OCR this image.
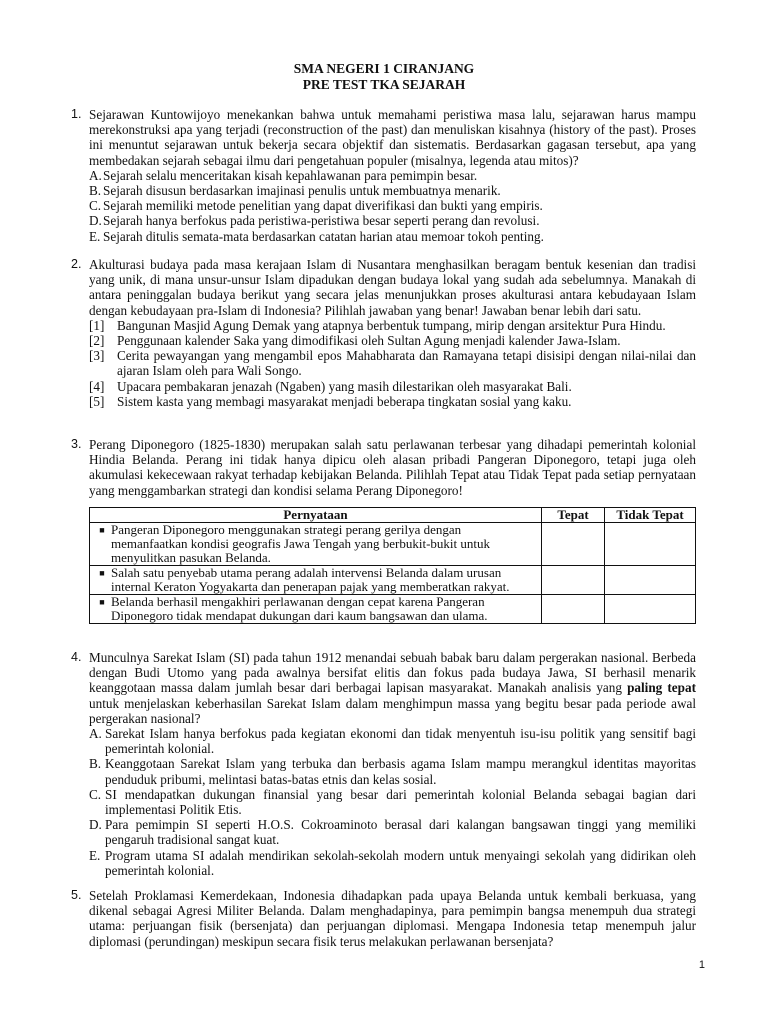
SMA NEGERI 1 CIRANJANG
PRE TEST TKA SEJARAH
1. Sejarawan Kuntowijoyo menekankan bahwa untuk memahami peristiwa masa lalu, sejarawan harus mampu merekonstruksi apa yang terjadi (reconstruction of the past) dan menuliskan kisahnya (history of the past). Proses ini menuntut sejarawan untuk bekerja secara objektif dan sistematis. Berdasarkan gagasan tersebut, apa yang membedakan sejarah sebagai ilmu dari pengetahuan populer (misalnya, legenda atau mitos)?

A. Sejarah selalu menceritakan kisah kepahlawanan para pemimpin besar.
B. Sejarah disusun berdasarkan imajinasi penulis untuk membuatnya menarik.
C. Sejarah memiliki metode penelitian yang dapat diverifikasi dan bukti yang empiris.
D. Sejarah hanya berfokus pada peristiwa-peristiwa besar seperti perang dan revolusi.
E. Sejarah ditulis semata-mata berdasarkan catatan harian atau memoar tokoh penting.
2. Akulturasi budaya pada masa kerajaan Islam di Nusantara menghasilkan beragam bentuk kesenian dan tradisi yang unik, di mana unsur-unsur Islam dipadukan dengan budaya lokal yang sudah ada sebelumnya. Manakah di antara peninggalan budaya berikut yang secara jelas menunjukkan proses akulturasi antara kebudayaan Islam dengan kebudayaan pra-Islam di Indonesia? Pilihlah jawaban yang benar! Jawaban benar lebih dari satu.

[1] Bangunan Masjid Agung Demak yang atapnya berbentuk tumpang, mirip dengan arsitektur Pura Hindu.
[2] Penggunaan kalender Saka yang dimodifikasi oleh Sultan Agung menjadi kalender Jawa-Islam.
[3] Cerita pewayangan yang mengambil epos Mahabharata dan Ramayana tetapi disisipi dengan nilai-nilai dan ajaran Islam oleh para Wali Songo.
[4] Upacara pembakaran jenazah (Ngaben) yang masih dilestarikan oleh masyarakat Bali.
[5] Sistem kasta yang membagi masyarakat menjadi beberapa tingkatan sosial yang kaku.
3. Perang Diponegoro (1825-1830) merupakan salah satu perlawanan terbesar yang dihadapi pemerintah kolonial Hindia Belanda. Perang ini tidak hanya dipicu oleh alasan pribadi Pangeran Diponegoro, tetapi juga oleh akumulasi kekecewaan rakyat terhadap kebijakan Belanda. Pilihlah Tepat atau Tidak Tepat pada setiap pernyataan yang menggambarkan strategi dan kondisi selama Perang Diponegoro!

Pernyataan	Tepat	Tidak Tepat

■ Pangeran Diponegoro menggunakan strategi perang gerilya dengan memanfaatkan kondisi geografis Jawa Tengah yang berbukit-bukit untuk menyulitkan pasukan Belanda.		

■ Salah satu penyebab utama perang adalah intervensi Belanda dalam urusan internal Keraton Yogyakarta dan penerapan pajak yang memberatkan rakyat.		

■ Belanda berhasil mengakhiri perlawanan dengan cepat karena Pangeran Diponegoro tidak mendapat dukungan dari kaum bangsawan dan ulama.		

4. Munculnya Sarekat Islam (SI) pada tahun 1912 menandai sebuah babak baru dalam pergerakan nasional. Berbeda dengan Budi Utomo yang pada awalnya bersifat elitis dan fokus pada budaya Jawa, SI berhasil menarik keanggotaan massa dalam jumlah besar dari berbagai lapisan masyarakat. Manakah analisis yang paling tepat untuk menjelaskan keberhasilan Sarekat Islam dalam menghimpun massa yang begitu besar pada periode awal pergerakan nasional?

A. Sarekat Islam hanya berfokus pada kegiatan ekonomi dan tidak menyentuh isu-isu politik yang sensitif bagi pemerintah kolonial.
B. Keanggotaan Sarekat Islam yang terbuka dan berbasis agama Islam mampu merangkul identitas mayoritas penduduk pribumi, melintasi batas-batas etnis dan kelas sosial.
C. SI mendapatkan dukungan finansial yang besar dari pemerintah kolonial Belanda sebagai bagian dari implementasi Politik Etis.
D. Para pemimpin SI seperti H.O.S. Cokroaminoto berasal dari kalangan bangsawan tinggi yang memiliki pengaruh tradisional sangat kuat.
E. Program utama SI adalah mendirikan sekolah-sekolah modern untuk menyaingi sekolah yang didirikan oleh pemerintah kolonial.
5. Setelah Proklamasi Kemerdekaan, Indonesia dihadapkan pada upaya Belanda untuk kembali berkuasa, yang dikenal sebagai Agresi Militer Belanda. Dalam menghadapinya, para pemimpin bangsa menempuh dua strategi utama: perjuangan fisik (bersenjata) dan perjuangan diplomasi. Mengapa Indonesia tetap menempuh jalur diplomasi (perundingan) meskipun secara fisik terus melakukan perlawanan bersenjata?

1
